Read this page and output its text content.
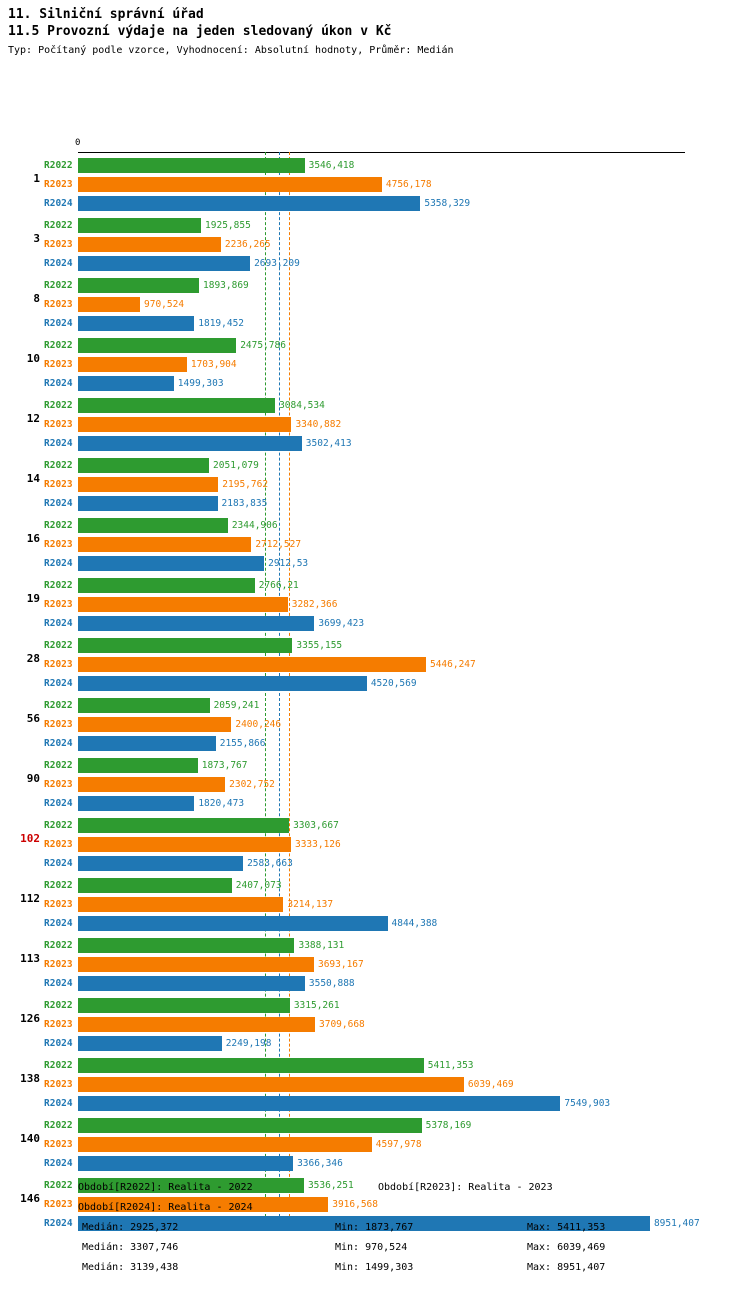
11. Silniční správní úřad
11.5 Provozní výdaje na jeden sledovaný úkon v Kč
Typ: Počítaný podle vzorce, Vyhodnocení: Absolutní hodnoty, Průměr: Medián
0
1
R2022	3546,418
R2023	4756,178
R2024	5358,329
3
R2022	1925,855
R2023	2236,265
R2024	2693,209
8
R2022	1893,869
R2023	970,524
R2024	1819,452
10
R2022	2475,786
R2023	1703,904
R2024	1499,303
12
R2022	3084,534
R2023	3340,882
R2024	3502,413
14
R2022	2051,079
R2023	2195,762
R2024	2183,835
16
R2022	2344,906
R2023	2712,527
R2024	2912,53
19
R2022	2766,21
R2023	3282,366
R2024	3699,423
28
R2022	3355,155
R2023	5446,247
R2024	4520,569
56
R2022	2059,241
R2023	2400,246
R2024	2155,866
90
R2022	1873,767
R2023	2302,752
R2024	1820,473
102
R2022	3303,667
R2023	3333,126
R2024	2583,663
112
R2022	2407,073
R2023	3214,137
R2024	4844,388
113
R2022	3388,131
R2023	3693,167
R2024	3550,888
126
R2022	3315,261
R2023	3709,668
R2024	2249,198
138
R2022	5411,353
R2023	6039,469
R2024	7549,903
140
R2022	5378,169
R2023	4597,978
R2024	3366,346
146
R2022	3536,251
R2023	3916,568
R2024	8951,407
Období[R2022]: Realita - 2022	Období[R2023]: Realita - 2023
Období[R2024]: Realita - 2024
Medián: 2925,372	Min: 1873,767	Max: 5411,353
Medián: 3307,746	Min: 970,524	Max: 6039,469
Medián: 3139,438	Min: 1499,303	Max: 8951,407
